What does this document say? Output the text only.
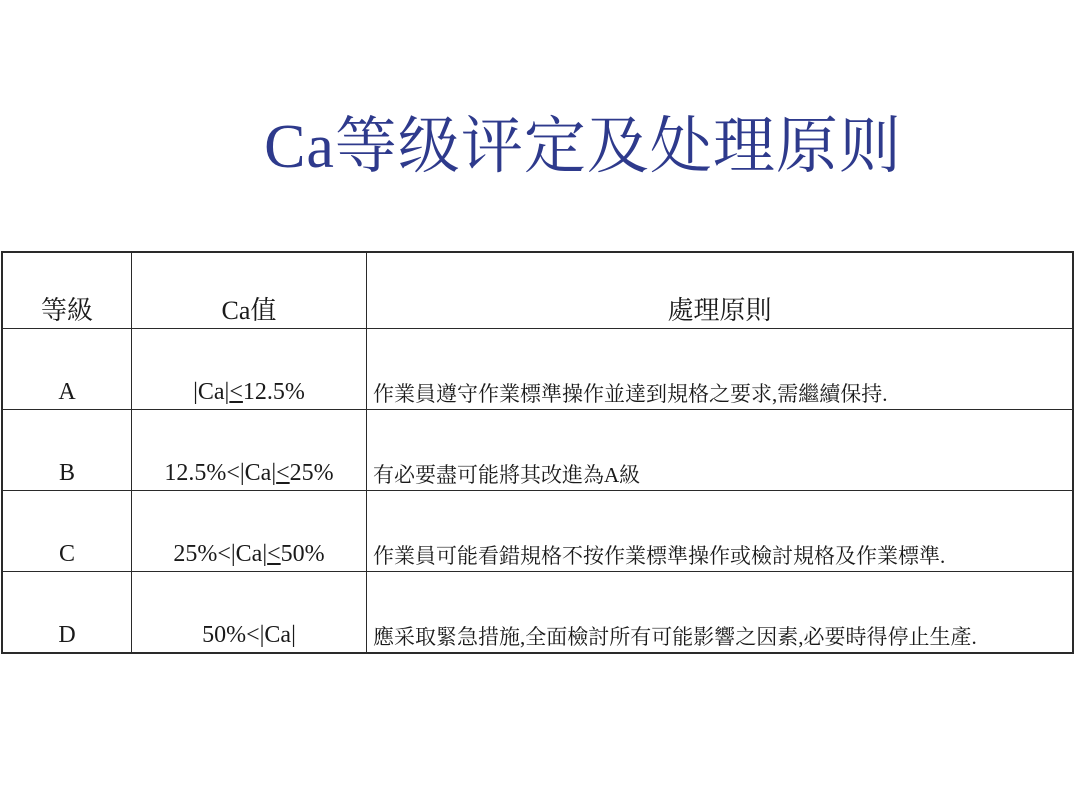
Ca等级评定及处理原则
等級	Ca值	處理原則
A	|Ca|<12.5%	作業員遵守作業標準操作並達到規格之要求,需繼續保持.
B	12.5%<|Ca|<25%	有必要盡可能將其改進為A級
C	25%<|Ca|<50%	作業員可能看錯規格不按作業標準操作或檢討規格及作業標準.
D	50%<|Ca|	應采取緊急措施,全面檢討所有可能影響之因素,必要時得停止生產.
